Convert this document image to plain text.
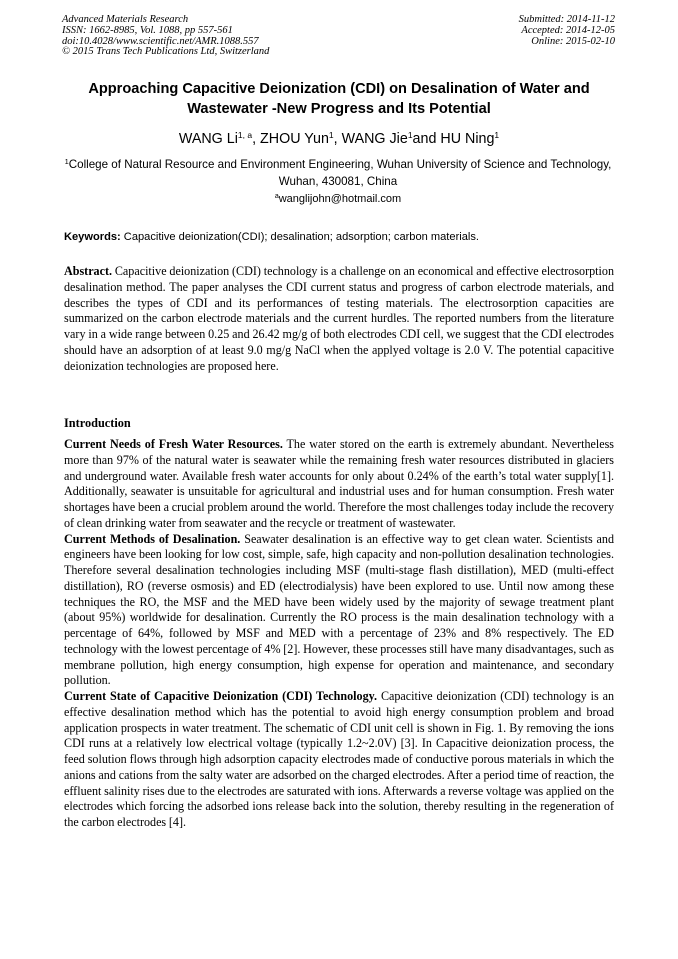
Advanced Materials Research
ISSN: 1662-8985, Vol. 1088, pp 557-561
doi:10.4028/www.scientific.net/AMR.1088.557
© 2015 Trans Tech Publications Ltd, Switzerland
Submitted: 2014-11-12
Accepted: 2014-12-05
Online: 2015-02-10
Approaching Capacitive Deionization (CDI) on Desalination of Water and Wastewater -New Progress and Its Potential
WANG Li$^{1, a}$, ZHOU Yun$^1$, WANG Jie$^1$and HU Ning$^1$
$^1$College of Natural Resource and Environment Engineering, Wuhan University of Science and Technology, Wuhan, 430081, China
$^a$wanglijohn@hotmail.com
Keywords: Capacitive deionization(CDI); desalination; adsorption; carbon materials.
Abstract. Capacitive deionization (CDI) technology is a challenge on an economical and effective electrosorption desalination method. The paper analyses the CDI current status and progress of carbon electrode materials, and describes the types of CDI and its performances of testing materials. The electrosorption capacities are summarized on the carbon electrode materials and the current hurdles. The reported numbers from the literature vary in a wide range between 0.25 and 26.42 mg/g of both electrodes CDI cell, we suggest that the CDI electrodes should have an adsorption of at least 9.0 mg/g NaCl when the applyed voltage is 2.0 V. The potential capacitive deionization technologies are proposed here.
Introduction

Current Needs of Fresh Water Resources. The water stored on the earth is extremely abundant. Nevertheless more than 97% of the natural water is seawater while the remaining fresh water resources distributed in glaciers and underground water. Available fresh water accounts for only about 0.24% of the earth’s total water supply[1]. Additionally, seawater is unsuitable for agricultural and industrial uses and for human consumption. Fresh water shortages have been a crucial problem around the world. Therefore the most challenges today include the recovery of clean drinking water from seawater and the recycle or treatment of wastewater.

Current Methods of Desalination. Seawater desalination is an effective way to get clean water. Scientists and engineers have been looking for low cost, simple, safe, high capacity and non-pollution desalination technologies. Therefore several desalination technologies including MSF (multi-stage flash distillation), MED (multi-effect distillation), RO (reverse osmosis) and ED (electrodialysis) have been explored to use. Until now among these techniques the RO, the MSF and the MED have been widely used by the majority of sewage treatment plant (about 95%) worldwide for desalination. Currently the RO process is the main desalination technology with a percentage of 64%, followed by MSF and MED with a percentage of 23% and 8% respectively. The ED technology with the lowest percentage of 4% [2]. However, these processes still have many disadvantages, such as membrane pollution, high energy consumption, high expense for operation and maintenance, and secondary pollution.

Current State of Capacitive Deionization (CDI) Technology. Capacitive deionization (CDI) technology is an effective desalination method which has the potential to avoid high energy consumption problem and broad application prospects in water treatment. The schematic of CDI unit cell is shown in Fig. 1. By removing the ions CDI runs at a relatively low electrical voltage (typically 1.2~2.0V) [3]. In Capacitive deionization process, the feed solution flows through high adsorption capacity electrodes made of conductive porous materials in which the anions and cations from the salty water are adsorbed on the charged electrodes. After a period time of reaction, the effluent salinity rises due to the electrodes are saturated with ions. Afterwards a reverse voltage was applied on the electrodes which forcing the adsorbed ions release back into the solution, thereby resulting in the regeneration of the carbon electrodes [4].
